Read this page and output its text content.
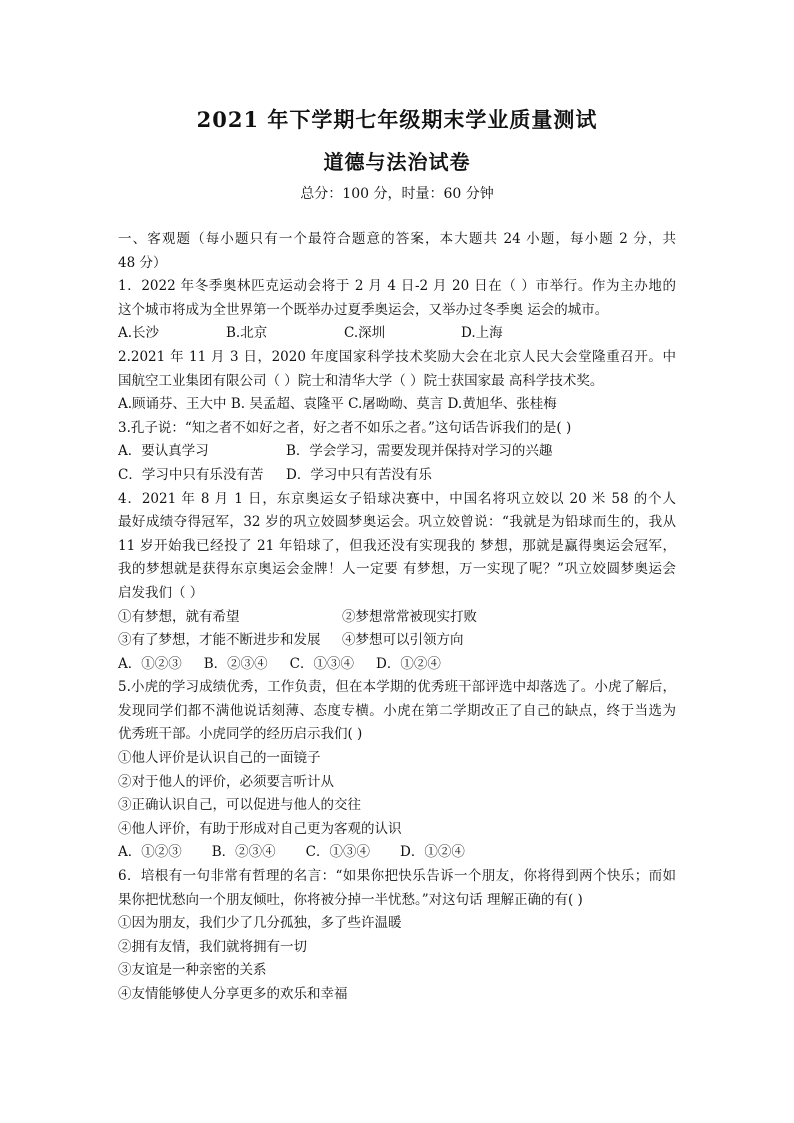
2021 年下学期七年级期末学业质量测试
道德与法治试卷
总分：100 分，时量：60 分钟
一、客观题（每小题只有一个最符合题意的答案，本大题共 24 小题，每小题 2 分，共
48 分）
1．2022 年冬季奥林匹克运动会将于 2 月 4 日-2 月 20 日在（ ）市举行。作为主办地的
这个城市将成为全世界第一个既举办过夏季奥运会，又举办过冬季奥 运会的城市。
A.长沙	B.北京	C.深圳	D.上海
2.2021 年 11 月 3 日，2020 年度国家科学技术奖励大会在北京人民大会堂隆重召开。中
国航空工业集团有限公司（ ）院士和清华大学（ ）院士获国家最 高科学技术奖。
A.顾诵芬、王大中 B. 吴孟超、袁隆平 C.屠呦呦、莫言 D.黄旭华、张桂梅
3.孔子说：“知之者不如好之者，好之者不如乐之者。”这句话告诉我们的是( )
A．要认真学习	B．学会学习，需要发现并保持对学习的兴趣
C．学习中只有乐没有苦 D．学习中只有苦没有乐
4．2021 年 8 月 1 日，东京奥运女子铅球决赛中，中国名将巩立姣以 20 米 58 的个人
最好成绩夺得冠军，32 岁的巩立姣圆梦奥运会。巩立姣曾说：“我就是为铅球而生的，我从
11 岁开始我已经投了 21 年铅球了，但我还没有实现我的 梦想，那就是赢得奥运会冠军，
我的梦想就是获得东京奥运会金牌！人一定要 有梦想，万一实现了呢？”巩立姣圆梦奥运会
启发我们（ ）
①有梦想，就有希望	②梦想常常被现实打败
③有了梦想，才能不断进步和发展 ④梦想可以引领方向
A．①②③ B．②③④ C．①③④ D．①②④
5.小虎的学习成绩优秀，工作负责，但在本学期的优秀班干部评选中却落选了。小虎了解后，
发现同学们都不满他说话刻薄、态度专横。小虎在第二学期改正了自己的缺点，终于当选为
优秀班干部。小虎同学的经历启示我们( )
①他人评价是认识自己的一面镜子
②对于他人的评价，必须要言听计从
③正确认识自己，可以促进与他人的交往
④他人评价，有助于形成对自己更为客观的认识
A．①②③ B．②③④ C．①③④ D．①②④
6．培根有一句非常有哲理的名言：“如果你把快乐告诉一个朋友，你将得到两个快乐；而如
果你把忧愁向一个朋友倾吐，你将被分掉一半忧愁。”对这句话 理解正确的有( )
①因为朋友，我们少了几分孤独，多了些许温暖
②拥有友情，我们就将拥有一切
③友谊是一种亲密的关系
④友情能够使人分享更多的欢乐和幸福
